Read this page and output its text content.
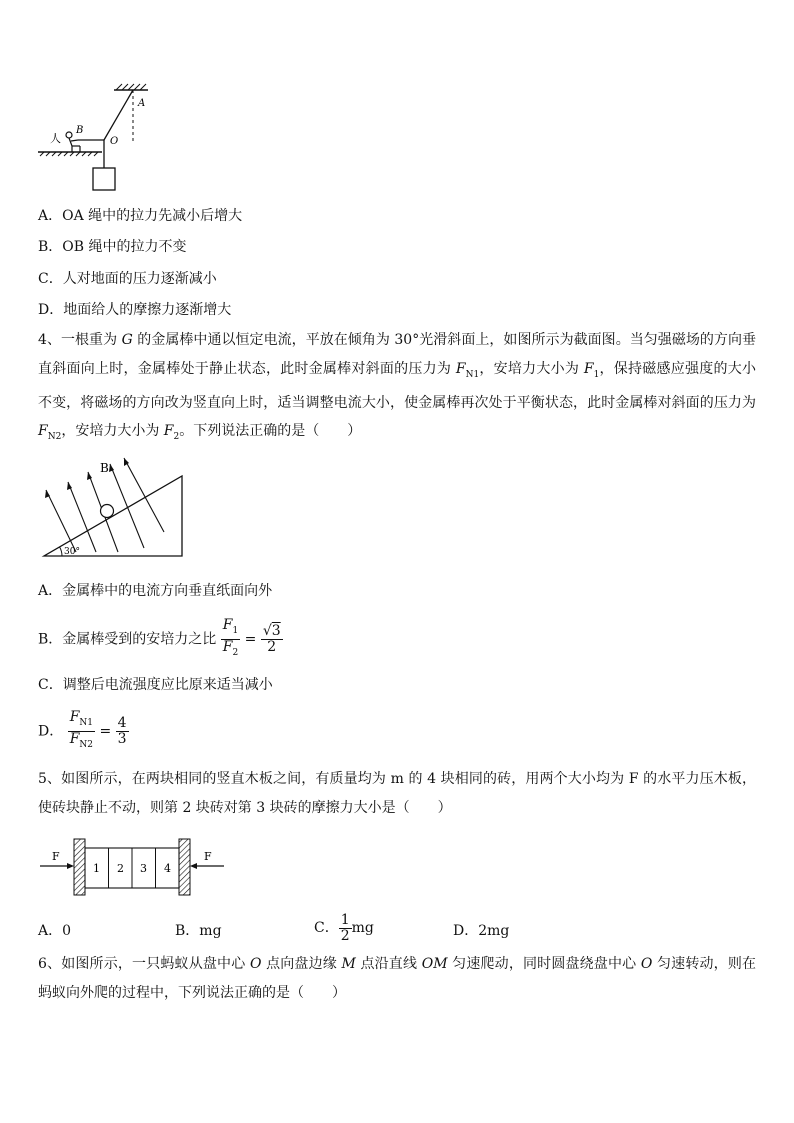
A
B
O
人
A．OA 绳中的拉力先减小后增大
B．OB 绳中的拉力不变
C．人对地面的压力逐渐减小
D．地面给人的摩擦力逐渐增大
4、一根重为 G 的金属棒中通以恒定电流，平放在倾角为 30°光滑斜面上，如图所示为截面图。当匀强磁场的方向垂直斜面向上时，金属棒处于静止状态，此时金属棒对斜面的压力为 $F_{N1}$，安培力大小为 $F_1$，保持磁感应强度的大小不变，将磁场的方向改为竖直向上时，适当调整电流大小，使金属棒再次处于平衡状态，此时金属棒对斜面的压力为 $F_{N2}$，安培力大小为 $F_2$。下列说法正确的是（　　）
B
30°
A．金属棒中的电流方向垂直纸面向外
B．金属棒受到的安培力之比 $\frac{F_1}{F_2} = \frac{√3}{2}$
C．调整后电流强度应比原来适当减小
D． $\frac{F_{N1}}{F_{N2}} = \frac{4}{3}$
5、如图所示，在两块相同的竖直木板之间，有质量均为 m 的 4 块相同的砖，用两个大小均为 F 的水平力压木板，使砖块静止不动，则第 2 块砖对第 3 块砖的摩擦力大小是（　　）
F	F
1 2 3 4
A．0	B．mg	C． $\frac{1}{2}$ mg	D．2mg
6、如图所示，一只蚂蚁从盘中心 O 点向盘边缘 M 点沿直线 OM 匀速爬动，同时圆盘绕盘中心 O 匀速转动，则在蚂蚁向外爬的过程中，下列说法正确的是（　　）
